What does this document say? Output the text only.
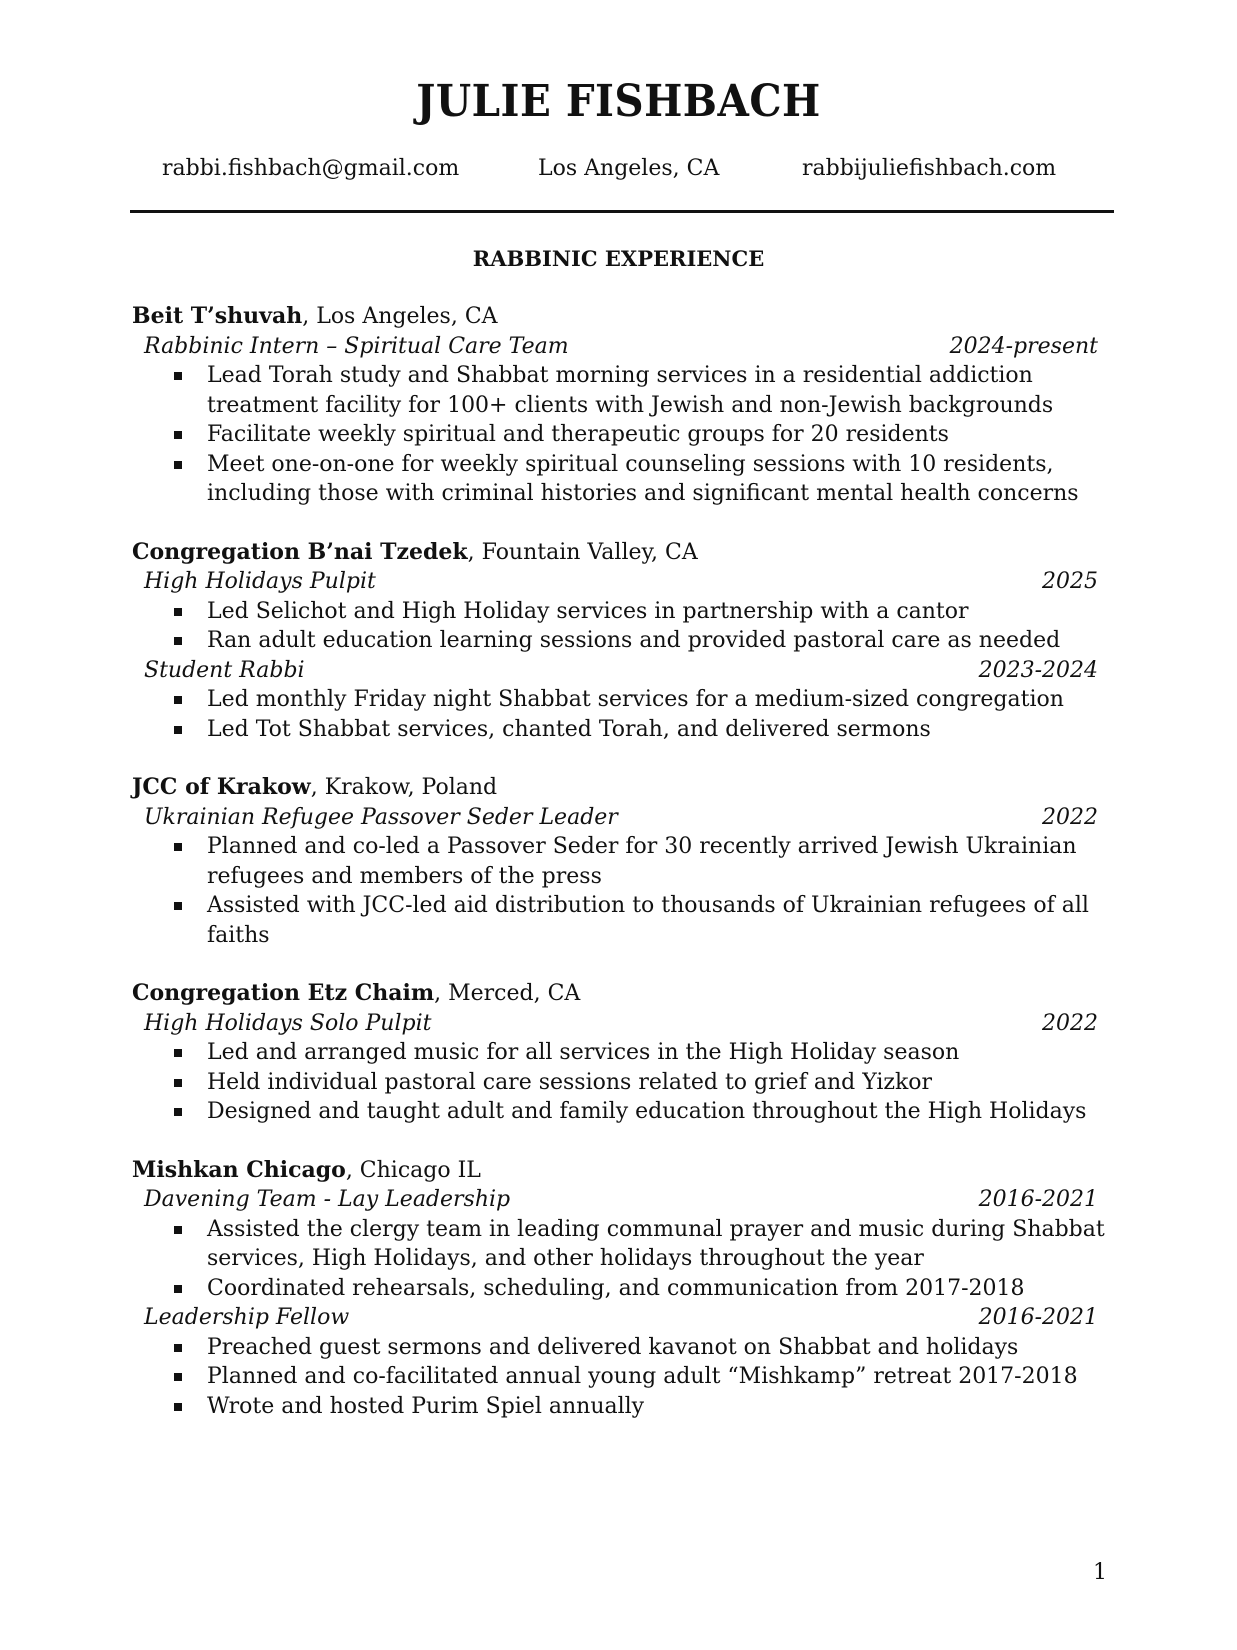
JULIE FISHBACH
rabbi.fishbach@gmail.com	Los Angeles, CA	rabbijuliefishbach.com
RABBINIC EXPERIENCE
Beit T’shuvah, Los Angeles, CA
Rabbinic Intern – Spiritual Care Team	2024-present
Lead Torah study and Shabbat morning services in a residential addiction treatment facility for 100+ clients with Jewish and non-Jewish backgrounds
Facilitate weekly spiritual and therapeutic groups for 20 residents
Meet one-on-one for weekly spiritual counseling sessions with 10 residents, including those with criminal histories and significant mental health concerns
Congregation B’nai Tzedek, Fountain Valley, CA
High Holidays Pulpit	2025
Led Selichot and High Holiday services in partnership with a cantor
Ran adult education learning sessions and provided pastoral care as needed
Student Rabbi	2023-2024
Led monthly Friday night Shabbat services for a medium-sized congregation
Led Tot Shabbat services, chanted Torah, and delivered sermons
JCC of Krakow, Krakow, Poland
Ukrainian Refugee Passover Seder Leader	2022
Planned and co-led a Passover Seder for 30 recently arrived Jewish Ukrainian refugees and members of the press
Assisted with JCC-led aid distribution to thousands of Ukrainian refugees of all faiths
Congregation Etz Chaim, Merced, CA
High Holidays Solo Pulpit	2022
Led and arranged music for all services in the High Holiday season
Held individual pastoral care sessions related to grief and Yizkor
Designed and taught adult and family education throughout the High Holidays
Mishkan Chicago, Chicago IL
Davening Team - Lay Leadership	2016-2021
Assisted the clergy team in leading communal prayer and music during Shabbat services, High Holidays, and other holidays throughout the year
Coordinated rehearsals, scheduling, and communication from 2017-2018
Leadership Fellow	2016-2021
Preached guest sermons and delivered kavanot on Shabbat and holidays
Planned and co-facilitated annual young adult “Mishkamp” retreat 2017-2018
Wrote and hosted Purim Spiel annually
1
